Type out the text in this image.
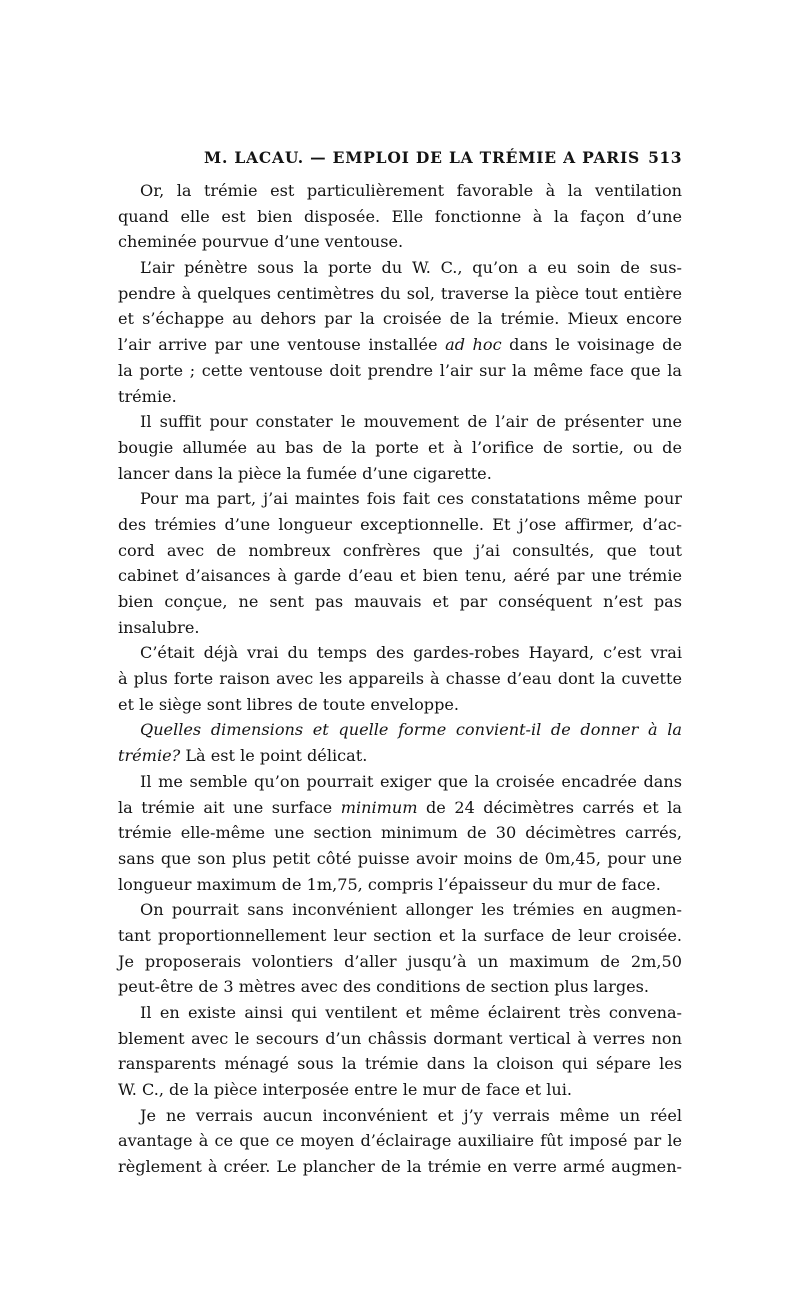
M. LACAU. — EMPLOI DE LA TRÉMIE A PARIS 513
Or, la trémie est particulièrement favorable à la ventilation
quand elle est bien disposée. Elle fonctionne à la façon d’une
cheminée pourvue d’une ventouse.
L’air pénètre sous la porte du W. C., qu’on a eu soin de sus-
pendre à quelques centimètres du sol, traverse la pièce tout entière
et s’échappe au dehors par la croisée de la trémie. Mieux encore
l’air arrive par une ventouse installée ad hoc dans le voisinage de
la porte ; cette ventouse doit prendre l’air sur la même face que la
trémie.
Il suffit pour constater le mouvement de l’air de présenter une
bougie allumée au bas de la porte et à l’orifice de sortie, ou de
lancer dans la pièce la fumée d’une cigarette.
Pour ma part, j’ai maintes fois fait ces constatations même pour
des trémies d’une longueur exceptionnelle. Et j’ose affirmer, d’ac-
cord avec de nombreux confrères que j’ai consultés, que tout
cabinet d’aisances à garde d’eau et bien tenu, aéré par une trémie
bien conçue, ne sent pas mauvais et par conséquent n’est pas
insalubre.
C’était déjà vrai du temps des gardes-robes Hayard, c’est vrai
à plus forte raison avec les appareils à chasse d’eau dont la cuvette
et le siège sont libres de toute enveloppe.
Quelles dimensions et quelle forme convient-il de donner à la
trémie? Là est le point délicat.
Il me semble qu’on pourrait exiger que la croisée encadrée dans
la trémie ait une surface minimum de 24 décimètres carrés et la
trémie elle-même une section minimum de 30 décimètres carrés,
sans que son plus petit côté puisse avoir moins de 0m,45, pour une
longueur maximum de 1m,75, compris l’épaisseur du mur de face.
On pourrait sans inconvénient allonger les trémies en augmen-
tant proportionnellement leur section et la surface de leur croisée.
Je proposerais volontiers d’aller jusqu’à un maximum de 2m,50
peut-être de 3 mètres avec des conditions de section plus larges.
Il en existe ainsi qui ventilent et même éclairent très convena-
blement avec le secours d’un châssis dormant vertical à verres non
ransparents ménagé sous la trémie dans la cloison qui sépare les
W. C., de la pièce interposée entre le mur de face et lui.
Je ne verrais aucun inconvénient et j’y verrais même un réel
avantage à ce que ce moyen d’éclairage auxiliaire fût imposé par le
règlement à créer. Le plancher de la trémie en verre armé augmen-
